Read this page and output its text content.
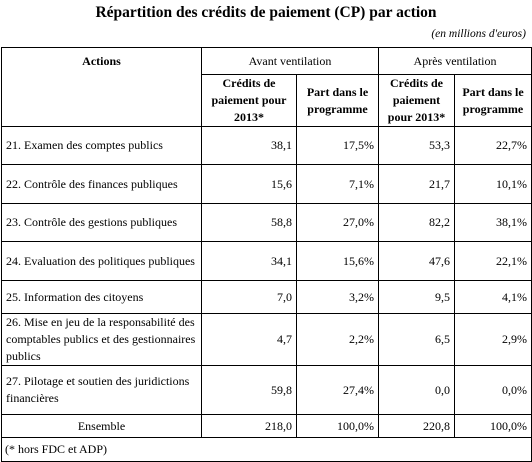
Répartition des crédits de paiement (CP) par action
(en millions d'euros)
Actions	Avant ventilation		Après ventilation	
	Crédits de paiement pour 2013*	Part dans le programme	Crédits de paiement pour 2013*	Part dans le programme
21. Examen des comptes publics	38,1	17,5%	53,3	22,7%
22. Contrôle des finances publiques	15,6	7,1%	21,7	10,1%
23. Contrôle des gestions publiques	58,8	27,0%	82,2	38,1%
24. Evaluation des politiques publiques	34,1	15,6%	47,6	22,1%
25. Information des citoyens	7,0	3,2%	9,5	4,1%
26. Mise en jeu de la responsabilité des comptables publics et des gestionnaires publics	4,7	2,2%	6,5	2,9%
27. Pilotage et soutien des juridictions financières	59,8	27,4%	0,0	0,0%
Ensemble	218,0	100,0%	220,8	100,0%
(* hors FDC et ADP)				
